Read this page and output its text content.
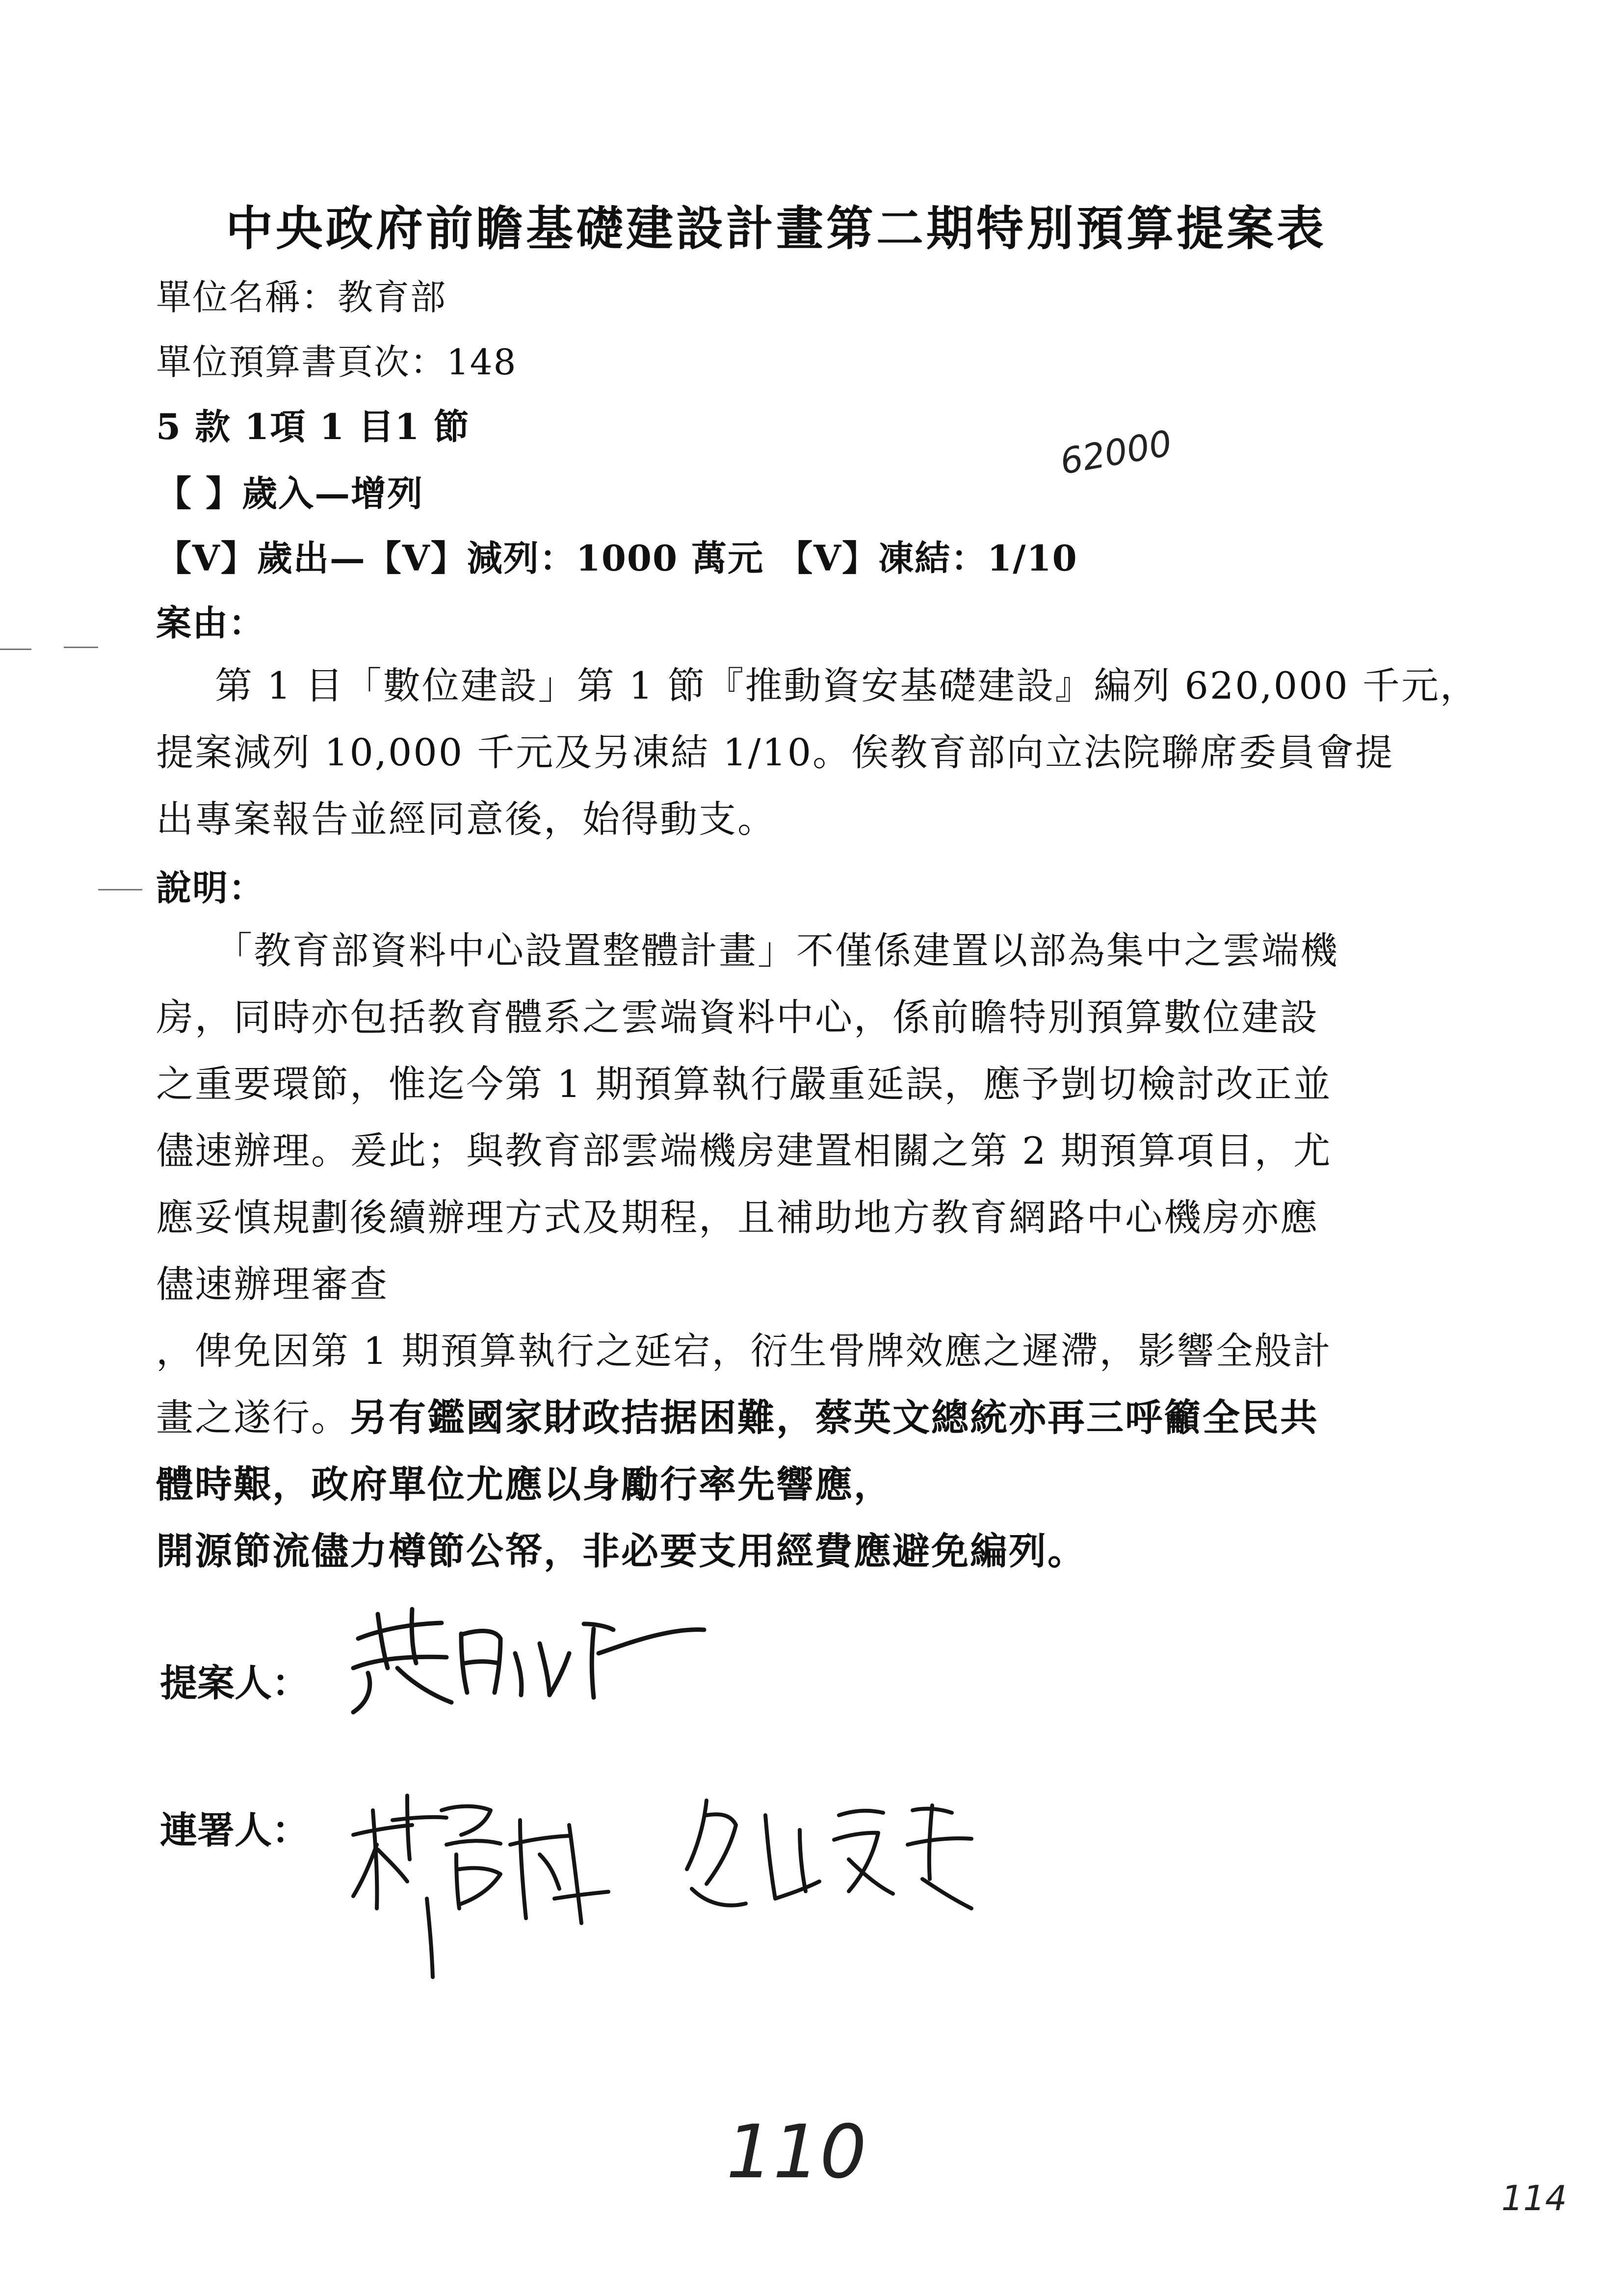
中央政府前瞻基礎建設計畫第二期特別預算提案表
單位名稱：教育部
單位預算書頁次：148
5 款 1項 1 目1 節
【 】歲入—增列
【V】歲出—【V】減列：1000 萬元 【V】凍結：1/10
62000
案由：

第 1 目「數位建設」第 1 節『推動資安基礎建設』編列 620,000 千元，

提案減列 10,000 千元及另凍結 1/10。俟教育部向立法院聯席委員會提

出專案報告並經同意後，始得動支。

說明：

「教育部資料中心設置整體計畫」不僅係建置以部為集中之雲端機

房，同時亦包括教育體系之雲端資料中心，係前瞻特別預算數位建設

之重要環節，惟迄今第 1 期預算執行嚴重延誤，應予剴切檢討改正並

儘速辦理。爰此；與教育部雲端機房建置相關之第 2 期預算項目，尤

應妥慎規劃後續辦理方式及期程，且補助地方教育網路中心機房亦應

儘速辦理審查

，俾免因第 1 期預算執行之延宕，衍生骨牌效應之遲滯，影響全般計

畫之遂行。另有鑑國家財政拮据困難，蔡英文總統亦再三呼籲全民共

體時艱，政府單位尤應以身勵行率先響應，

開源節流儘力樽節公帑，非必要支用經費應避免編列。

提案人：
連署人：
110
114
